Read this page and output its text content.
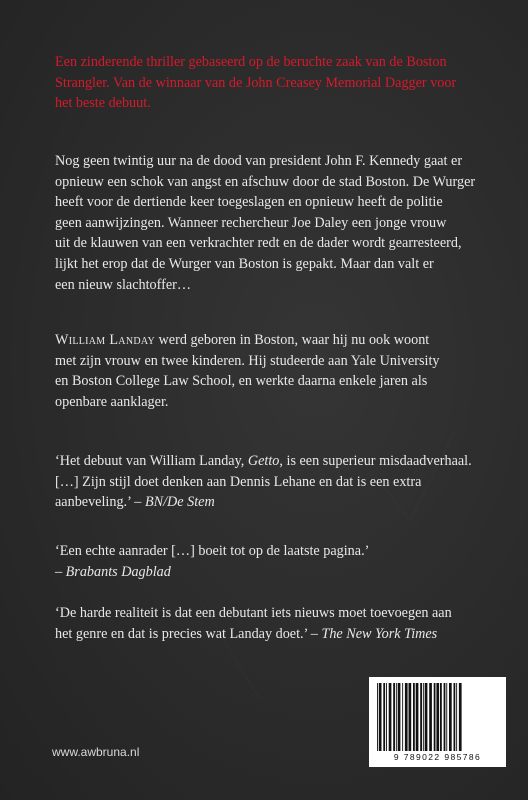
Een zinderende thriller gebaseerd op de beruchte zaak van de Boston
Strangler. Van de winnaar van de John Creasey Memorial Dagger voor
het beste debuut.
Nog geen twintig uur na de dood van president John F. Kennedy gaat er
opnieuw een schok van angst en afschuw door de stad Boston. De Wurger
heeft voor de dertiende keer toegeslagen en opnieuw heeft de politie
geen aanwijzingen. Wanneer rechercheur Joe Daley een jonge vrouw
uit de klauwen van een verkrachter redt en de dader wordt gearresteerd,
lijkt het erop dat de Wurger van Boston is gepakt. Maar dan valt er
een nieuw slachtoffer…
William Landay werd geboren in Boston, waar hij nu ook woont
met zijn vrouw en twee kinderen. Hij studeerde aan Yale University
en Boston College Law School, en werkte daarna enkele jaren als
openbare aanklager.
‘Het debuut van William Landay, Getto, is een superieur misdaadverhaal.
[…] Zijn stijl doet denken aan Dennis Lehane en dat is een extra
aanbeveling.’ – BN/De Stem
‘Een echte aanrader […] boeit tot op de laatste pagina.’
– Brabants Dagblad
‘De harde realiteit is dat een debutant iets nieuws moet toevoegen aan
het genre en dat is precies wat Landay doet.’ – The New York Times
www.awbruna.nl	9 789022 985786
